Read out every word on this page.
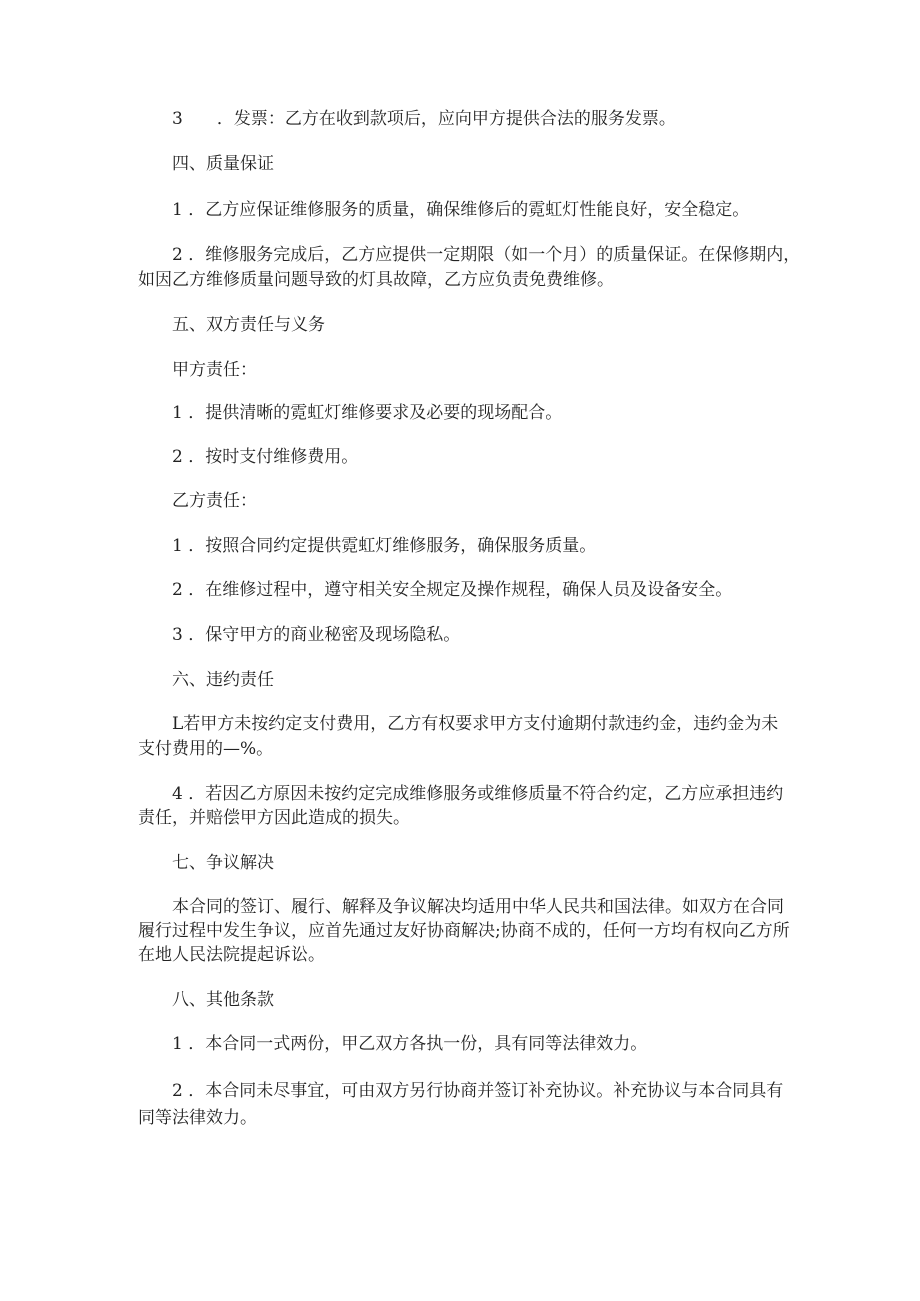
3　　．发票：乙方在收到款项后，应向甲方提供合法的服务发票。

四、质量保证

1 ．乙方应保证维修服务的质量，确保维修后的霓虹灯性能良好，安全稳定。

2 ．维修服务完成后，乙方应提供一定期限（如一个月）的质量保证。在保修期内，

如因乙方维修质量问题导致的灯具故障，乙方应负责免费维修。

五、双方责任与义务

甲方责任：

1 ．提供清晰的霓虹灯维修要求及必要的现场配合。

2 ．按时支付维修费用。

乙方责任：

1 ．按照合同约定提供霓虹灯维修服务，确保服务质量。

2 ．在维修过程中，遵守相关安全规定及操作规程，确保人员及设备安全。

3 ．保守甲方的商业秘密及现场隐私。

六、违约责任

L若甲方未按约定支付费用，乙方有权要求甲方支付逾期付款违约金，违约金为未

支付费用的—%。

4 ．若因乙方原因未按约定完成维修服务或维修质量不符合约定，乙方应承担违约

责任，并赔偿甲方因此造成的损失。

七、争议解决

本合同的签订、履行、解释及争议解决均适用中华人民共和国法律。如双方在合同

履行过程中发生争议，应首先通过友好协商解决;协商不成的，任何一方均有权向乙方所

在地人民法院提起诉讼。

八、其他条款

1 ．本合同一式两份，甲乙双方各执一份，具有同等法律效力。

2 ．本合同未尽事宜，可由双方另行协商并签订补充协议。补充协议与本合同具有

同等法律效力。
